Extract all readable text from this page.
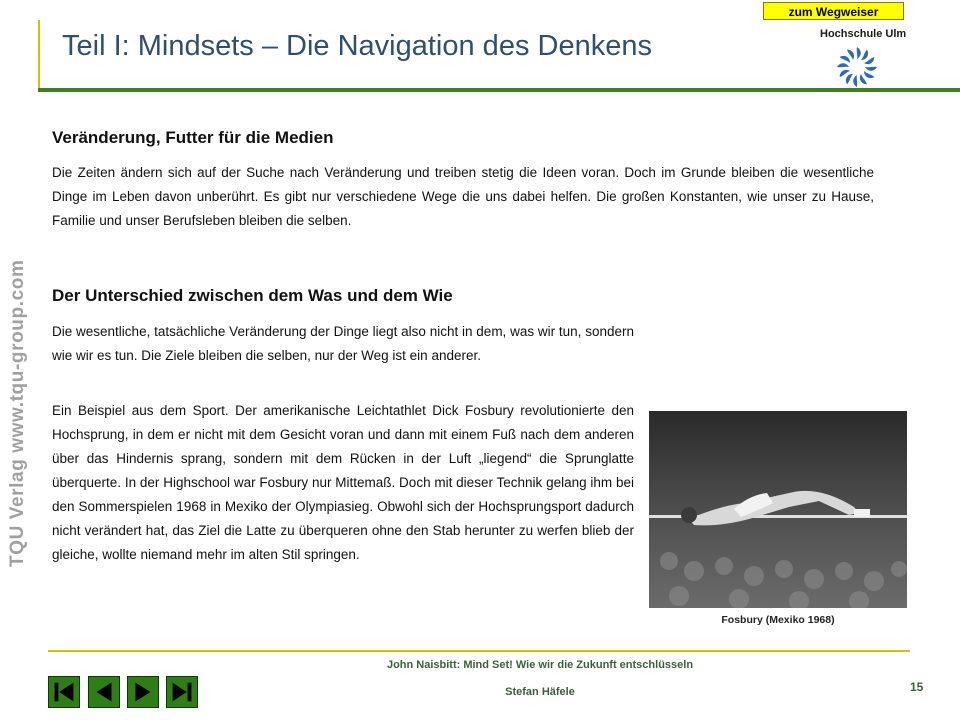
zum Wegweiser
Hochschule Ulm
Teil I: Mindsets – Die Navigation des Denkens
TQU Verlag www.tqu-group.com
Veränderung, Futter für die Medien

Die Zeiten ändern sich auf der Suche nach Veränderung und treiben stetig die Ideen voran. Doch im Grunde bleiben die wesentliche Dinge im Leben davon unberührt. Es gibt nur verschiedene Wege die uns dabei helfen. Die großen Konstanten, wie unser zu Hause, Familie und unser Berufsleben bleiben die selben.

Der Unterschied zwischen dem Was und dem Wie

Die wesentliche, tatsächliche Veränderung der Dinge liegt also nicht in dem, was wir tun, sondern wie wir es tun. Die Ziele bleiben die selben, nur der Weg ist ein anderer.

Ein Beispiel aus dem Sport. Der amerikanische Leichtathlet Dick Fosbury revolutionierte den Hochsprung, in dem er nicht mit dem Gesicht voran und dann mit einem Fuß nach dem anderen über das Hindernis sprang, sondern mit dem Rücken in der Luft „liegend“ die Sprunglatte überquerte. In der Highschool war Fosbury nur Mittemaß. Doch mit dieser Technik gelang ihm bei den Sommerspielen 1968 in Mexiko der Olympiasieg. Obwohl sich der Hochsprungsport dadurch nicht verändert hat, das Ziel die Latte zu überqueren ohne den Stab herunter zu werfen blieb der gleiche, wollte niemand mehr im alten Stil springen.

Fosbury (Mexiko 1968)
John Naisbitt: Mind Set! Wie wir die Zukunft entschlüsseln
Stefan Häfele	15
